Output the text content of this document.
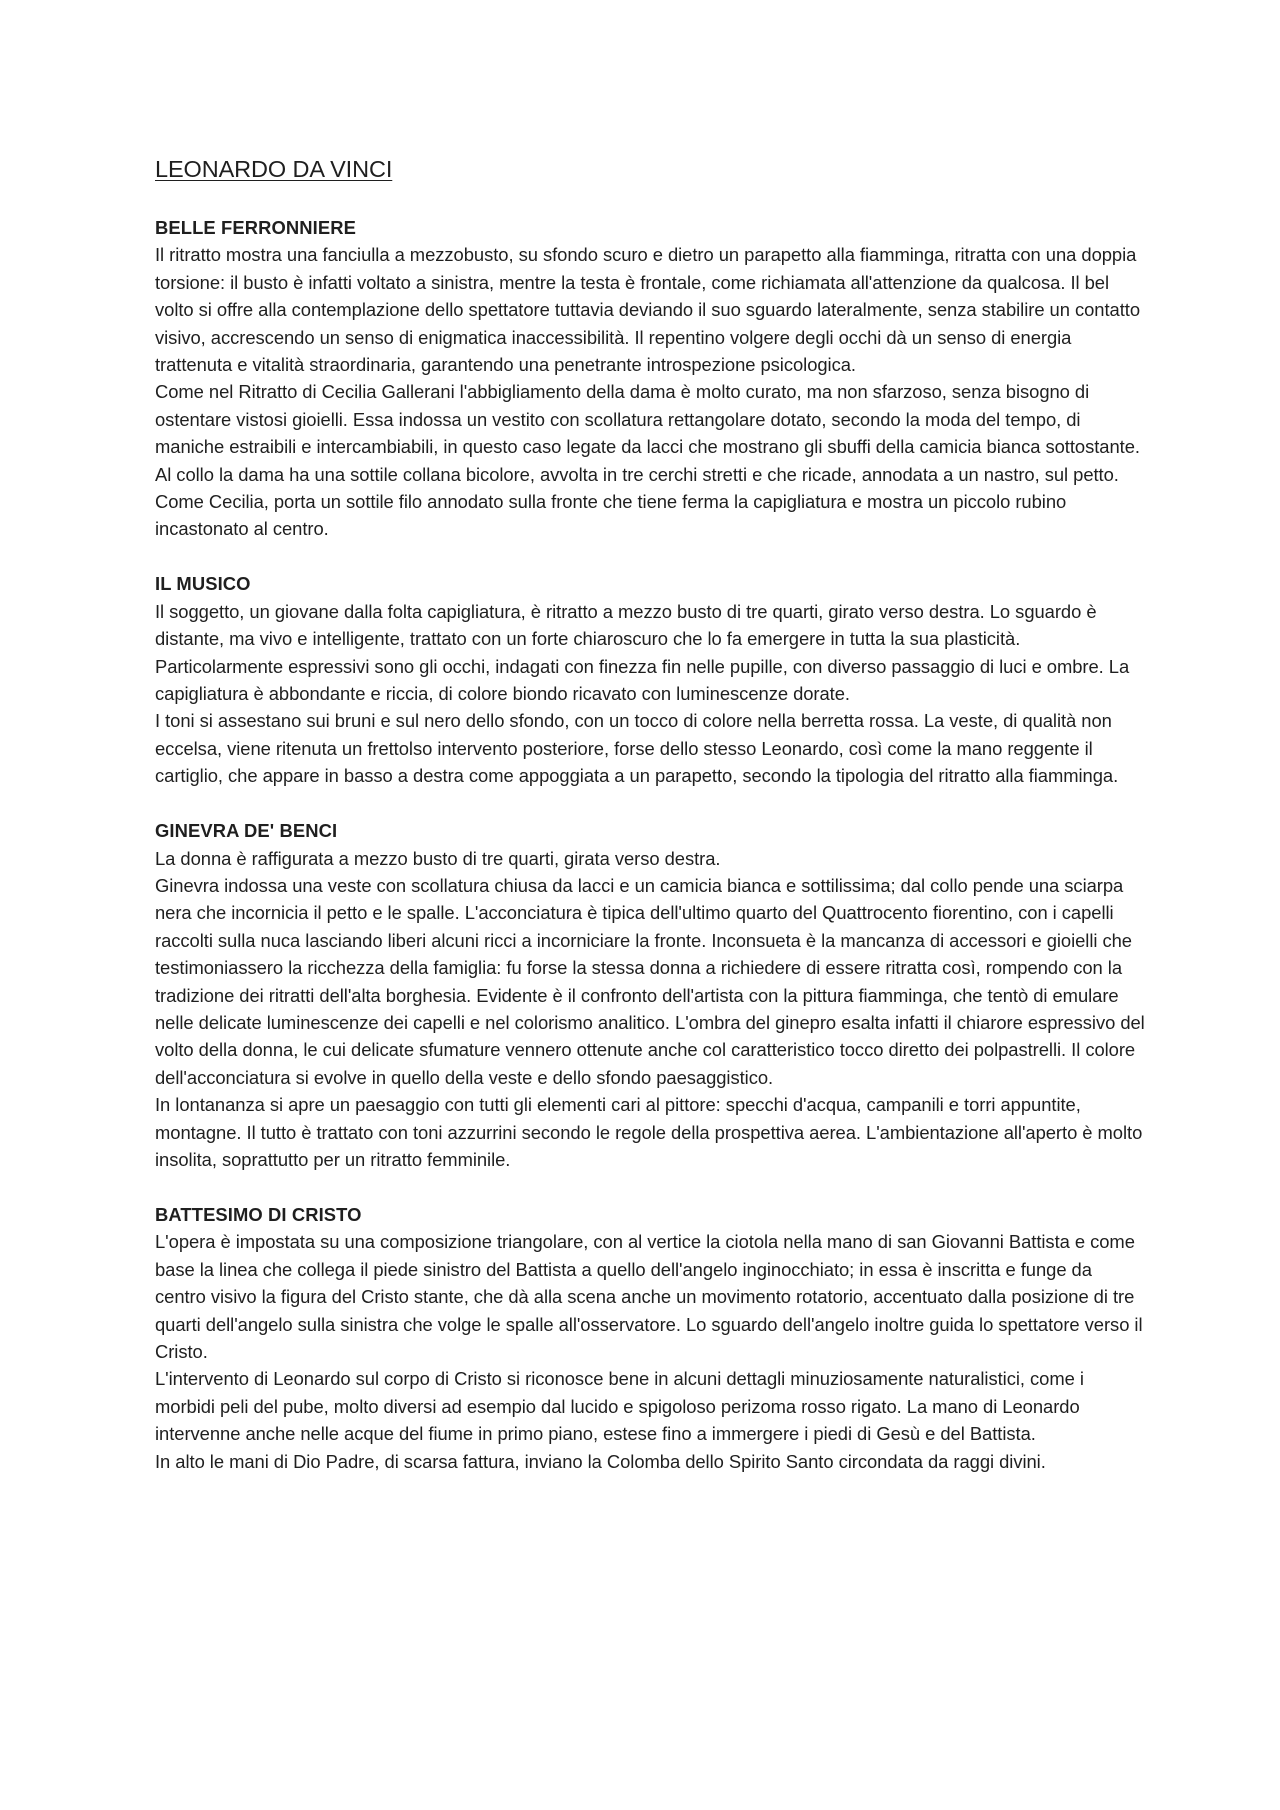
LEONARDO DA VINCI
BELLE FERRONNIERE

Il ritratto mostra una fanciulla a mezzobusto, su sfondo scuro e dietro un parapetto alla fiamminga, ritratta con una doppia torsione: il busto è infatti voltato a sinistra, mentre la testa è frontale, come richiamata all'attenzione da qualcosa. Il bel volto si offre alla contemplazione dello spettatore tuttavia deviando il suo sguardo lateralmente, senza stabilire un contatto visivo, accrescendo un senso di enigmatica inaccessibilità. Il repentino volgere degli occhi dà un senso di energia trattenuta e vitalità straordinaria, garantendo una penetrante introspezione psicologica.

Come nel Ritratto di Cecilia Gallerani l'abbigliamento della dama è molto curato, ma non sfarzoso, senza bisogno di ostentare vistosi gioielli. Essa indossa un vestito con scollatura rettangolare dotato, secondo la moda del tempo, di maniche estraibili e intercambiabili, in questo caso legate da lacci che mostrano gli sbuffi della camicia bianca sottostante. Al collo la dama ha una sottile collana bicolore, avvolta in tre cerchi stretti e che ricade, annodata a un nastro, sul petto. Come Cecilia, porta un sottile filo annodato sulla fronte che tiene ferma la capigliatura e mostra un piccolo rubino incastonato al centro.

IL MUSICO

Il soggetto, un giovane dalla folta capigliatura, è ritratto a mezzo busto di tre quarti, girato verso destra. Lo sguardo è distante, ma vivo e intelligente, trattato con un forte chiaroscuro che lo fa emergere in tutta la sua plasticità. Particolarmente espressivi sono gli occhi, indagati con finezza fin nelle pupille, con diverso passaggio di luci e ombre. La capigliatura è abbondante e riccia, di colore biondo ricavato con luminescenze dorate.

I toni si assestano sui bruni e sul nero dello sfondo, con un tocco di colore nella berretta rossa. La veste, di qualità non eccelsa, viene ritenuta un frettolso intervento posteriore, forse dello stesso Leonardo, così come la mano reggente il cartiglio, che appare in basso a destra come appoggiata a un parapetto, secondo la tipologia del ritratto alla fiamminga.

GINEVRA DE' BENCI

La donna è raffigurata a mezzo busto di tre quarti, girata verso destra.

Ginevra indossa una veste con scollatura chiusa da lacci e un camicia bianca e sottilissima; dal collo pende una sciarpa nera che incornicia il petto e le spalle. L'acconciatura è tipica dell'ultimo quarto del Quattrocento fiorentino, con i capelli raccolti sulla nuca lasciando liberi alcuni ricci a incorniciare la fronte. Inconsueta è la mancanza di accessori e gioielli che testimoniassero la ricchezza della famiglia: fu forse la stessa donna a richiedere di essere ritratta così, rompendo con la tradizione dei ritratti dell'alta borghesia. Evidente è il confronto dell'artista con la pittura fiamminga, che tentò di emulare nelle delicate luminescenze dei capelli e nel colorismo analitico. L'ombra del ginepro esalta infatti il chiarore espressivo del volto della donna, le cui delicate sfumature vennero ottenute anche col caratteristico tocco diretto dei polpastrelli. Il colore dell'acconciatura si evolve in quello della veste e dello sfondo paesaggistico.

In lontananza si apre un paesaggio con tutti gli elementi cari al pittore: specchi d'acqua, campanili e torri appuntite, montagne. Il tutto è trattato con toni azzurrini secondo le regole della prospettiva aerea. L'ambientazione all'aperto è molto insolita, soprattutto per un ritratto femminile.

BATTESIMO DI CRISTO

L'opera è impostata su una composizione triangolare, con al vertice la ciotola nella mano di san Giovanni Battista e come base la linea che collega il piede sinistro del Battista a quello dell'angelo inginocchiato; in essa è inscritta e funge da centro visivo la figura del Cristo stante, che dà alla scena anche un movimento rotatorio, accentuato dalla posizione di tre quarti dell'angelo sulla sinistra che volge le spalle all'osservatore. Lo sguardo dell'angelo inoltre guida lo spettatore verso il Cristo.

L'intervento di Leonardo sul corpo di Cristo si riconosce bene in alcuni dettagli minuziosamente naturalistici, come i morbidi peli del pube, molto diversi ad esempio dal lucido e spigoloso perizoma rosso rigato. La mano di Leonardo intervenne anche nelle acque del fiume in primo piano, estese fino a immergere i piedi di Gesù e del Battista.

In alto le mani di Dio Padre, di scarsa fattura, inviano la Colomba dello Spirito Santo circondata da raggi divini.
